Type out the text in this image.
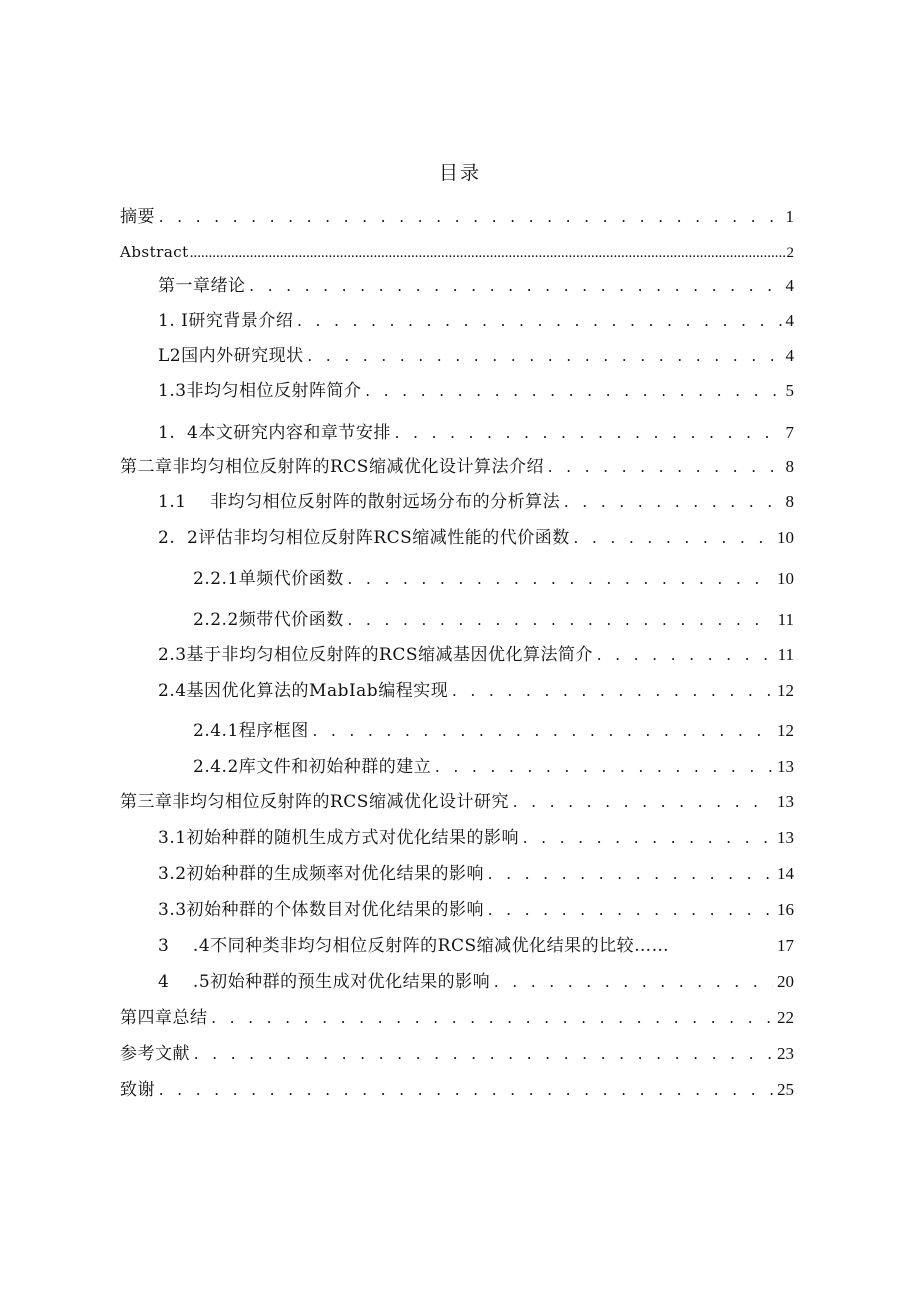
目录
摘要 . . .	1
Abstract .....	2
第一章绪论 . . .	4
1. I研究背景介绍 . . .	4
L2国内外研究现状 . . .	4
1.3非均匀相位反射阵简介 . . .	5
1.  4本文研究内容和章节安排 . . .	7
第二章非均匀相位反射阵的RCS缩减优化设计算法介绍 . . .	8
1.1    非均匀相位反射阵的散射远场分布的分析算法 . . .	8
2.  2评估非均匀相位反射阵RCS缩减性能的代价函数 . . .	10
2.2.1单频代价函数 . . .	10
2.2.2频带代价函数 . . .	11
2.3基于非均匀相位反射阵的RCS缩减基因优化算法简介 . . .	11
2.4基因优化算法的MabIab编程实现 . . .	12
2.4.1程序框图 . . .	12
2.4.2库文件和初始种群的建立 . . .	13
第三章非均匀相位反射阵的RCS缩减优化设计研究 . . .	13
3.1初始种群的随机生成方式对优化结果的影响 . . .	13
3.2初始种群的生成频率对优化结果的影响 . . .	14
3.3初始种群的个体数目对优化结果的影响 . . .	16
3    .4不同种类非均匀相位反射阵的RCS缩减优化结果的比较……	17
4    .5初始种群的预生成对优化结果的影响 . . .	20
第四章总结 . . .	22
参考文献 . . .	23
致谢 . . .	25
